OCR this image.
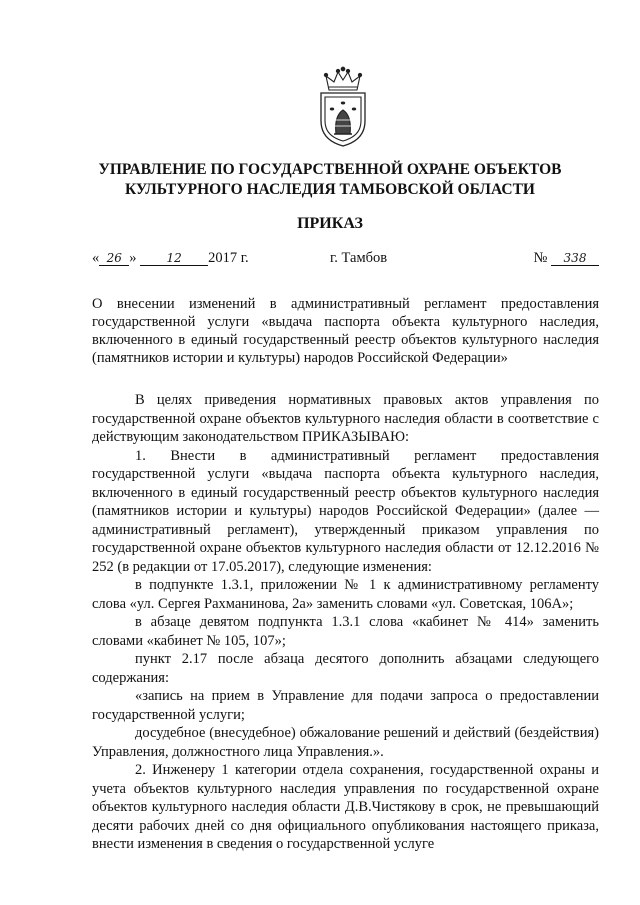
УПРАВЛЕНИЕ ПО ГОСУДАРСТВЕННОЙ ОХРАНЕ ОБЪЕКТОВ
КУЛЬТУРНОГО НАСЛЕДИЯ ТАМБОВСКОЙ ОБЛАСТИ
ПРИКАЗ
« 26 » 12 2017 г.	г. Тамбов	№ 338

О внесении изменений в административный регламент предоставления государственной услуги «выдача паспорта объекта культурного наследия, включенного в единый государственный реестр объектов культурного наследия (памятников истории и культуры) народов Российской Федерации»

В целях приведения нормативных правовых актов управления по государственной охране объектов культурного наследия области в соответствие с действующим законодательством ПРИКАЗЫВАЮ:

1. Внести в административный регламент предоставления государственной услуги «выдача паспорта объекта культурного наследия, включенного в единый государственный реестр объектов культурного наследия (памятников истории и культуры) народов Российской Федерации» (далее — административный регламент), утвержденный приказом управления по государственной охране объектов культурного наследия области от 12.12.2016 № 252 (в редакции от 17.05.2017), следующие изменения:

в подпункте 1.3.1, приложении № 1 к административному регламенту слова «ул. Сергея Рахманинова, 2а» заменить словами «ул. Советская, 106А»;

в абзаце девятом подпункта 1.3.1 слова «кабинет № 414» заменить словами «кабинет № 105, 107»;

пункт 2.17 после абзаца десятого дополнить абзацами следующего содержания:

«запись на прием в Управление для подачи запроса о предоставлении государственной услуги;

досудебное (внесудебное) обжалование решений и действий (бездействия) Управления, должностного лица Управления.».

2. Инженеру 1 категории отдела сохранения, государственной охраны и учета объектов культурного наследия управления по государственной охране объектов культурного наследия области Д.В.Чистякову в срок, не превышающий десяти рабочих дней со дня официального опубликования настоящего приказа, внести изменения в сведения о государственной услуге
